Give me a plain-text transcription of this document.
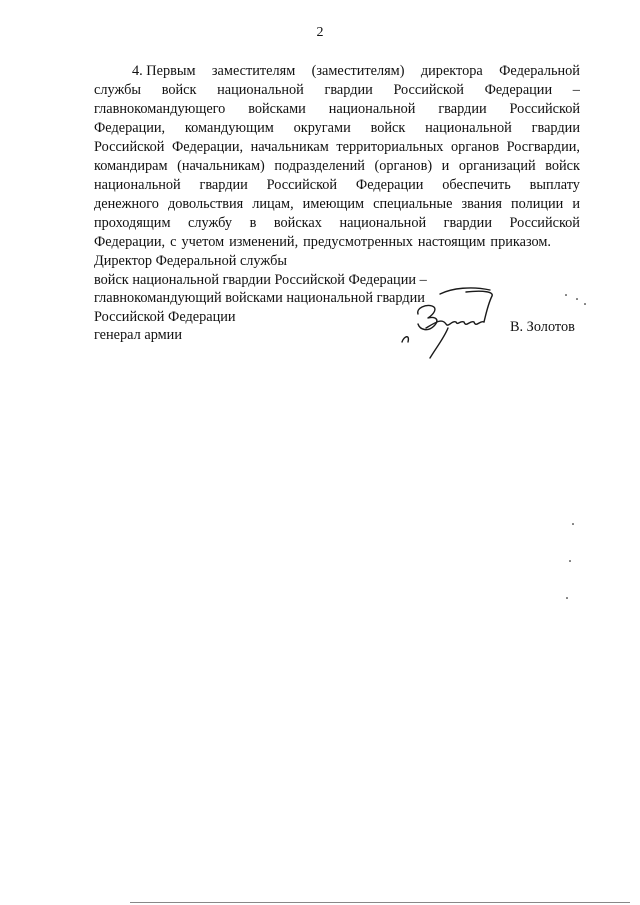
2
4. Первым заместителям (заместителям) директора Федеральной
службы войск национальной гвардии Российской Федерации –
главнокомандующего войсками национальной гвардии Российской
Федерации, командующим округами войск национальной гвардии
Российской Федерации, начальникам территориальных органов Росгвардии,
командирам (начальникам) подразделений (органов) и организаций войск
национальной гвардии Российской Федерации обеспечить выплату
денежного довольствия лицам, имеющим специальные звания полиции и
проходящим службу в войсках национальной гвардии Российской
Федерации, с учетом изменений, предусмотренных настоящим приказом.
Директор Федеральной службы
войск национальной гвардии Российской Федерации –
главнокомандующий войсками национальной гвардии
Российской Федерации
генерал армии	В. Золотов
